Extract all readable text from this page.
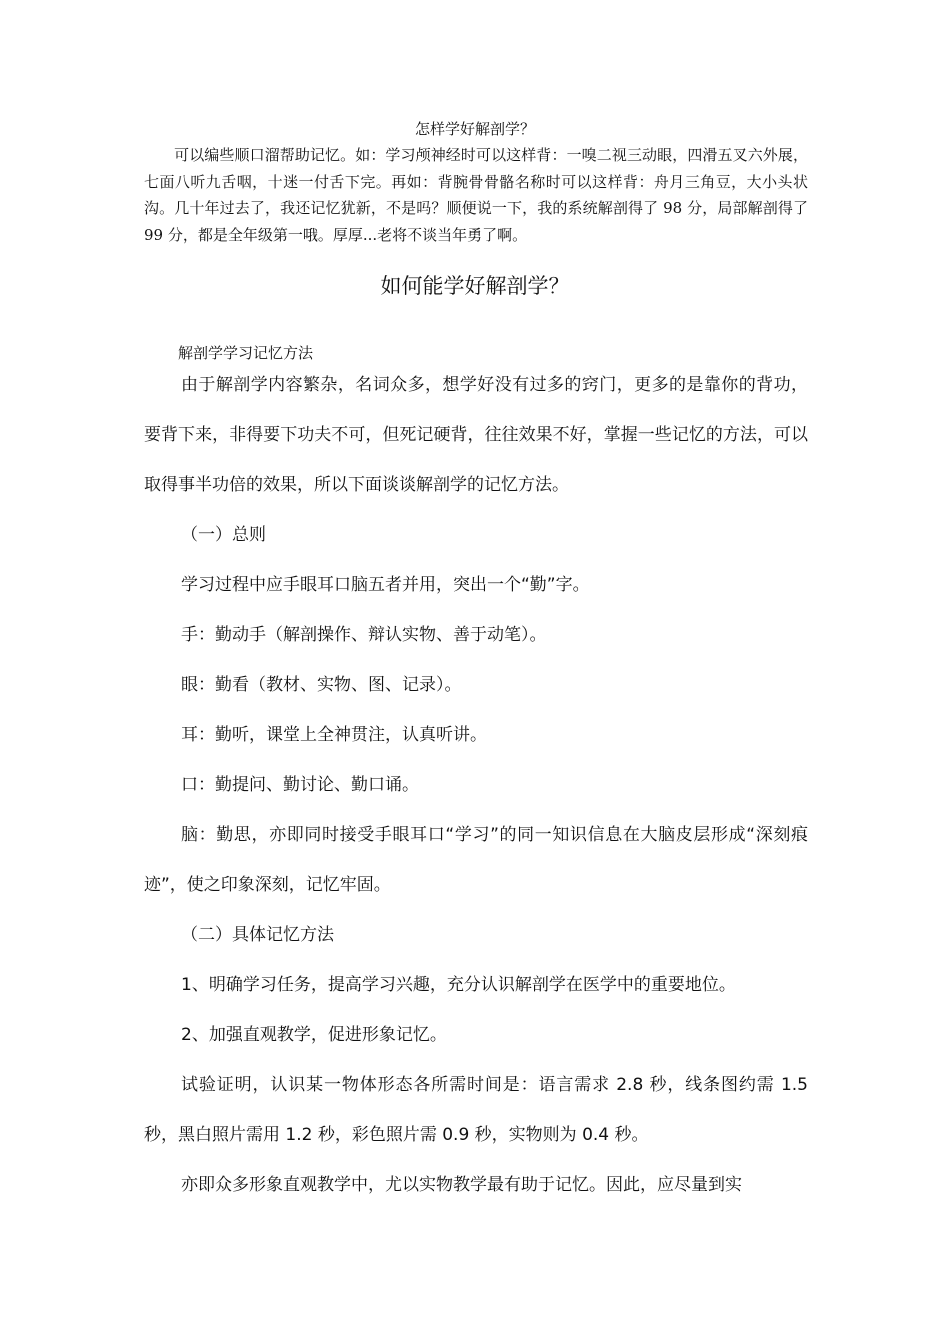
怎样学好解剖学？
可以编些顺口溜帮助记忆。如：学习颅神经时可以这样背：一嗅二视三动眼，四滑五叉六外展，七面八听九舌咽，十迷一付舌下完。再如：背腕骨骨骼名称时可以这样背：舟月三角豆，大小头状沟。几十年过去了，我还记忆犹新，不是吗？顺便说一下，我的系统解剖得了 98 分，局部解剖得了 99 分，都是全年级第一哦。厚厚...老将不谈当年勇了啊。
如何能学好解剖学？
解剖学学习记忆方法

由于解剖学内容繁杂，名词众多，想学好没有过多的窍门，更多的是靠你的背功，要背下来，非得要下功夫不可，但死记硬背，往往效果不好，掌握一些记忆的方法，可以取得事半功倍的效果，所以下面谈谈解剖学的记忆方法。

（一）总则

学习过程中应手眼耳口脑五者并用，突出一个“勤”字。

手：勤动手（解剖操作、辩认实物、善于动笔）。

眼：勤看（教材、实物、图、记录）。

耳：勤听，课堂上全神贯注，认真听讲。

口：勤提问、勤讨论、勤口诵。

脑：勤思，亦即同时接受手眼耳口“学习”的同一知识信息在大脑皮层形成“深刻痕迹”，使之印象深刻，记忆牢固。

（二）具体记忆方法

1、明确学习任务，提高学习兴趣，充分认识解剖学在医学中的重要地位。

2、加强直观教学，促进形象记忆。

试验证明，认识某一物体形态各所需时间是：语言需求 2.8 秒，线条图约需 1.5 秒，黑白照片需用 1.2 秒，彩色照片需 0.9 秒，实物则为 0.4 秒。

亦即众多形象直观教学中，尤以实物教学最有助于记忆。因此，应尽量到实
